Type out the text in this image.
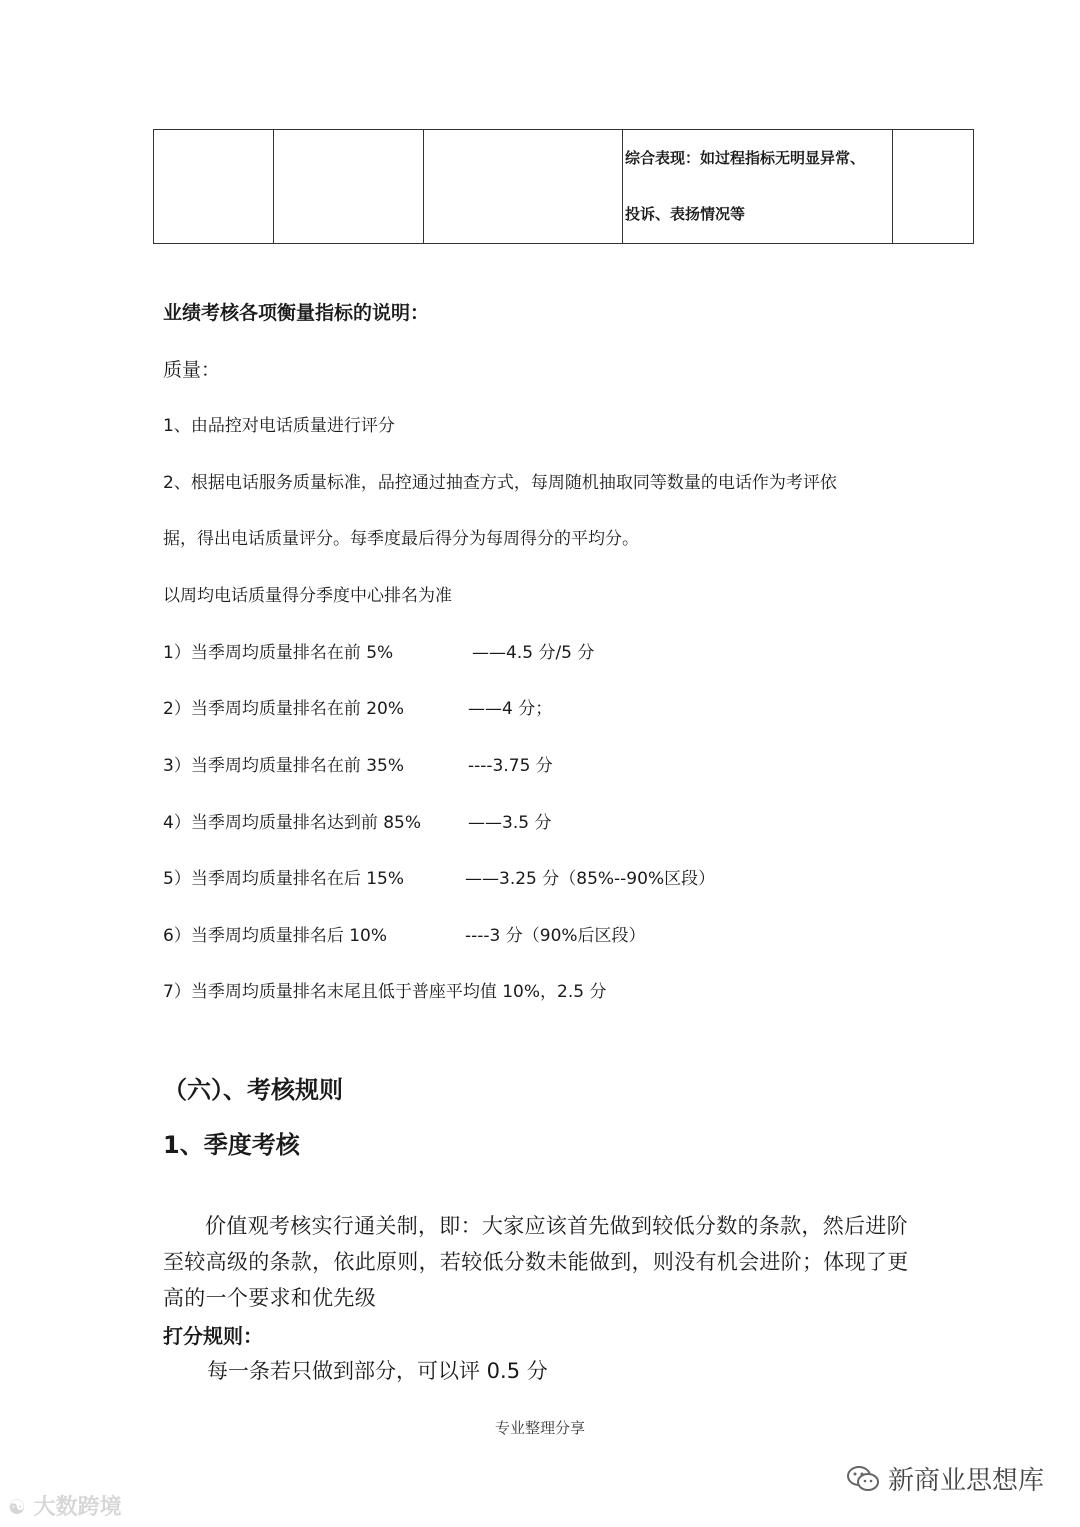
综合表现：如过程指标无明显异常、
投诉、表扬情况等

业绩考核各项衡量指标的说明：
质量：
1、由品控对电话质量进行评分
2、根据电话服务质量标准，品控通过抽查方式，每周随机抽取同等数量的电话作为考评依
据，得出电话质量评分。每季度最后得分为每周得分的平均分。
以周均电话质量得分季度中心排名为准
1）当季周均质量排名在前 5%	——4.5 分/5 分
2）当季周均质量排名在前 20%	——4 分；
3）当季周均质量排名在前 35%	----3.75 分
4）当季周均质量排名达到前 85%	——3.5 分
5）当季周均质量排名在后 15%	——3.25 分（85%--90%区段）
6）当季周均质量排名后 10%	----3 分（90%后区段）
7）当季周均质量排名末尾且低于普座平均值 10%，2.5 分
（六）、考核规则
1、季度考核
价值观考核实行通关制，即：大家应该首先做到较低分数的条款，然后进阶至较高级的条款，依此原则，若较低分数未能做到，则没有机会进阶；体现了更高的一个要求和优先级
打分规则：
每一条若只做到部分，可以评 0.5 分
专业整理分享
☯ 大数跨境
新商业思想库
